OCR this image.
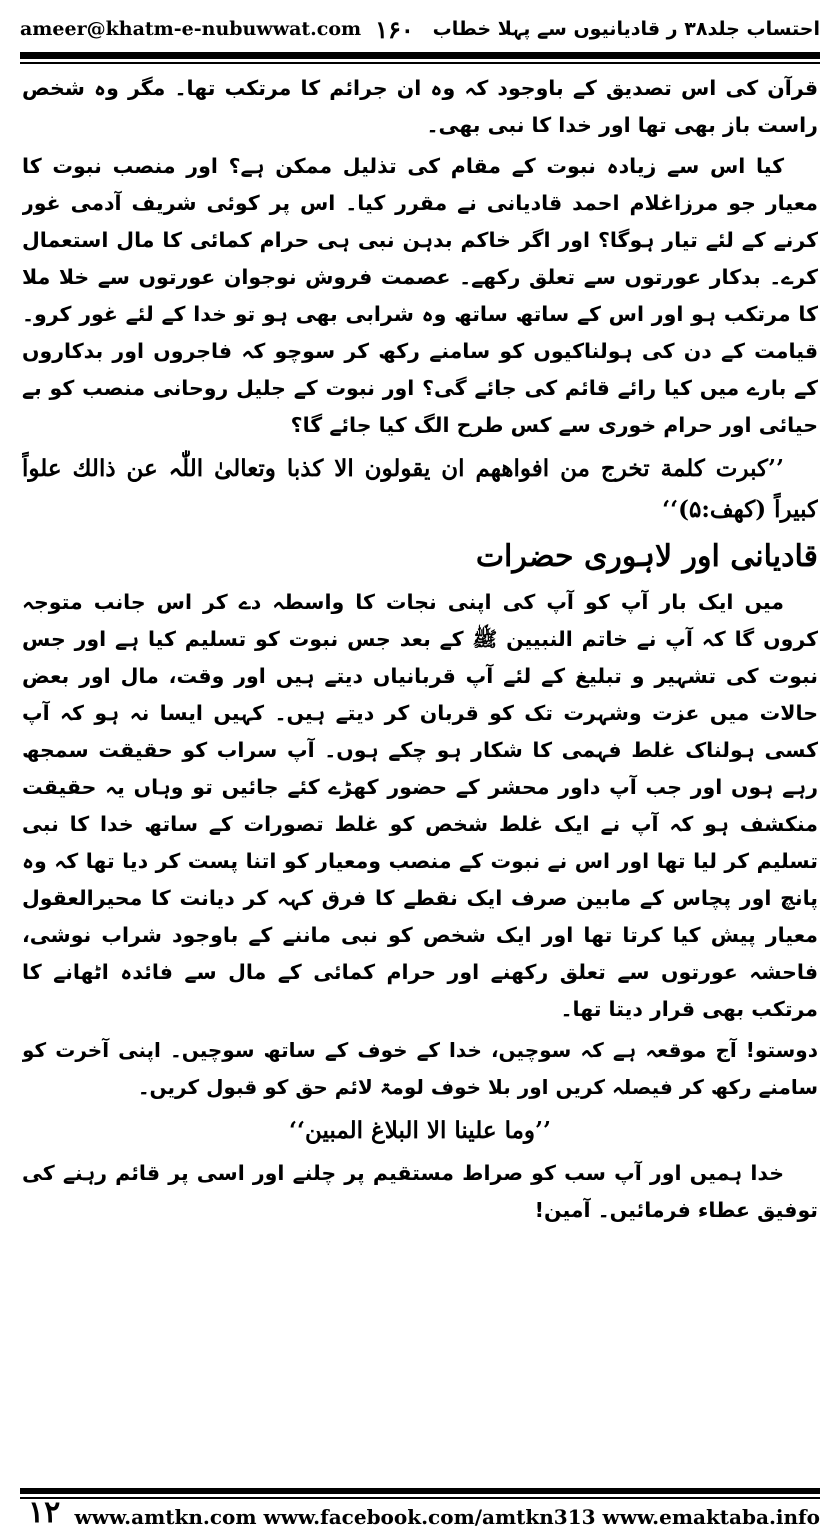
ameer@khatm-e-nubuwwat.com ۱۶۰ احتساب جلد۳۸ ر قادیانیوں سے پہلا خطاب

قرآن کی اس تصدیق کے باوجود کہ وہ ان جرائم کا مرتکب تھا۔ مگر وہ شخص راست باز بھی تھا اور خدا کا نبی بھی۔

کیا اس سے زیادہ نبوت کے مقام کی تذلیل ممکن ہے؟ اور منصب نبوت کا معیار جو مرزاغلام احمد قادیانی نے مقرر کیا۔ اس پر کوئی شریف آدمی غور کرنے کے لئے تیار ہوگا؟ اور اگر خاکم بدہن نبی ہی حرام کمائی کا مال استعمال کرے۔ بدکار عورتوں سے تعلق رکھے۔ عصمت فروش نوجوان عورتوں سے خلا ملا کا مرتکب ہو اور اس کے ساتھ ساتھ وہ شرابی بھی ہو تو خدا کے لئے غور کرو۔ قیامت کے دن کی ہولناکیوں کو سامنے رکھ کر سوچو کہ فاجروں اور بدکاروں کے بارے میں کیا رائے قائم کی جائے گی؟ اور نبوت کے جلیل روحانی منصب کو بے حیائی اور حرام خوری سے کس طرح الگ کیا جائے گا؟

’’کبرت کلمة تخرج من افواههم ان یقولون الا کذبا وتعالیٰ اللّٰہ عن ذالك علواً کبیراً (کهف:۵)‘‘

قادیانی اور لاہوری حضرات

میں ایک بار آپ کو آپ کی اپنی نجات کا واسطہ دے کر اس جانب متوجہ کروں گا کہ آپ نے خاتم النبیین ﷺ کے بعد جس نبوت کو تسلیم کیا ہے اور جس نبوت کی تشہیر و تبلیغ کے لئے آپ قربانیاں دیتے ہیں اور وقت، مال اور بعض حالات میں عزت وشہرت تک کو قربان کر دیتے ہیں۔ کہیں ایسا نہ ہو کہ آپ کسی ہولناک غلط فہمی کا شکار ہو چکے ہوں۔ آپ سراب کو حقیقت سمجھ رہے ہوں اور جب آپ داور محشر کے حضور کھڑے کئے جائیں تو وہاں یہ حقیقت منکشف ہو کہ آپ نے ایک غلط شخص کو غلط تصورات کے ساتھ خدا کا نبی تسلیم کر لیا تھا اور اس نے نبوت کے منصب ومعیار کو اتنا پست کر دیا تھا کہ وہ پانچ اور پچاس کے مابین صرف ایک نقطے کا فرق کہہ کر دیانت کا محیرالعقول معیار پیش کیا کرتا تھا اور ایک شخص کو نبی ماننے کے باوجود شراب نوشی، فاحشہ عورتوں سے تعلق رکھنے اور حرام کمائی کے مال سے فائدہ اٹھانے کا مرتکب بھی قرار دیتا تھا۔

دوستو! آج موقعہ ہے کہ سوچیں، خدا کے خوف کے ساتھ سوچیں۔ اپنی آخرت کو سامنے رکھ کر فیصلہ کریں اور بلا خوف لومۃ لائم حق کو قبول کریں۔

’’وما علینا الا البلاغ المبین‘‘

خدا ہمیں اور آپ سب کو صراط مستقیم پر چلنے اور اسی پر قائم رہنے کی توفیق عطاء فرمائیں۔ آمین!

۱۲ www.amtkn.com www.facebook.com/amtkn313 www.emaktaba.info
